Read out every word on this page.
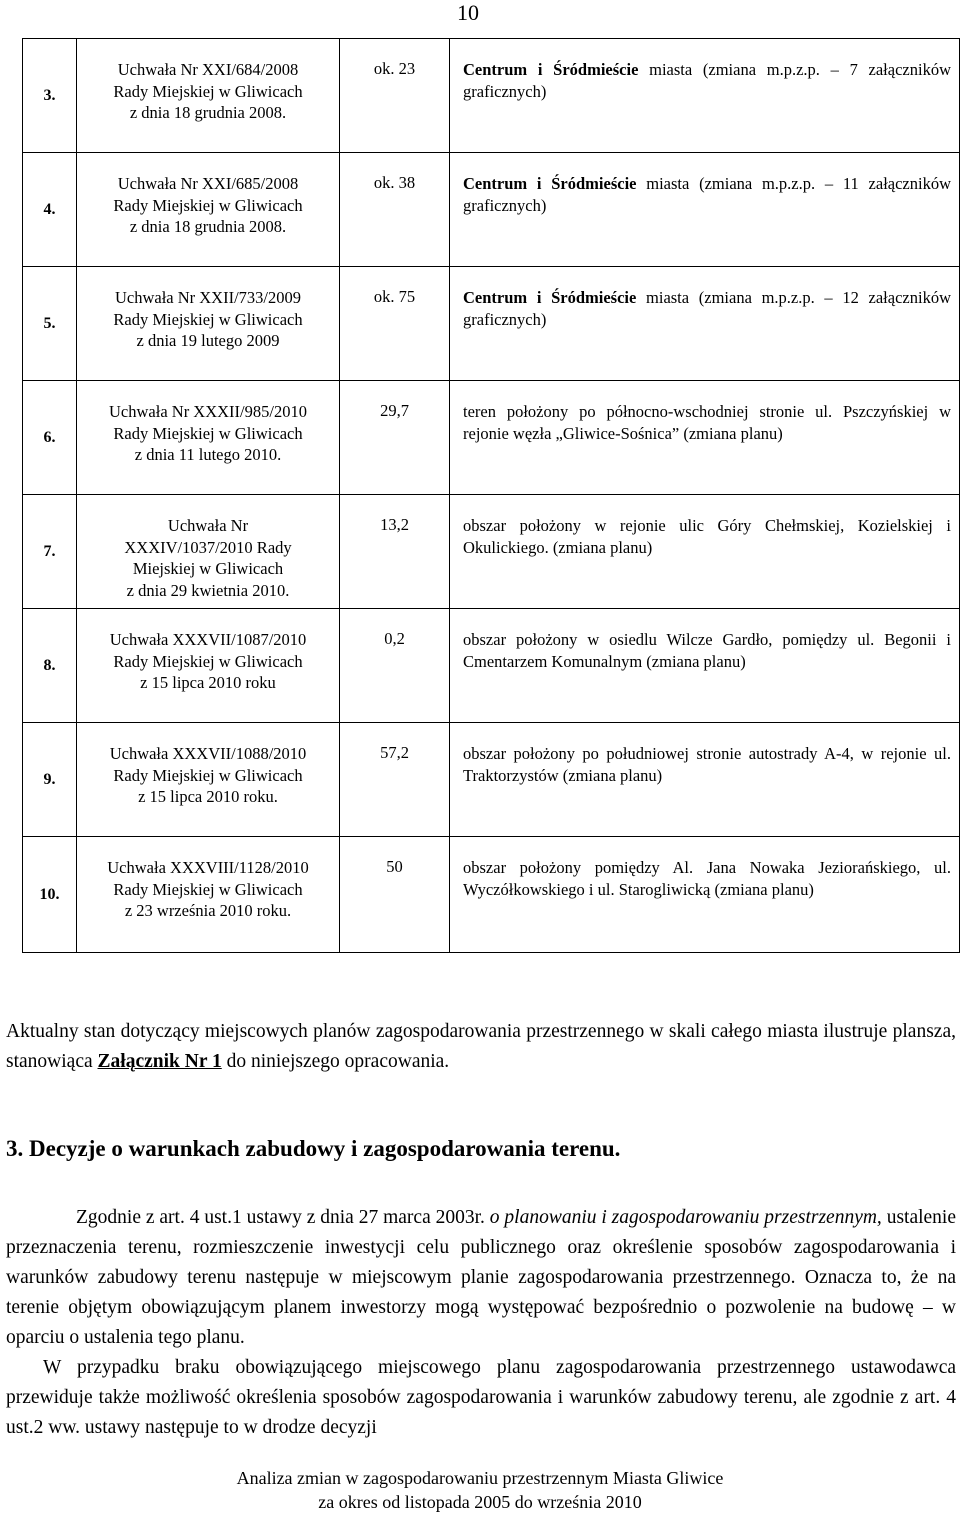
10
3.	Uchwała Nr XXI/684/2008
Rady Miejskiej w Gliwicach
z dnia 18 grudnia 2008.	ok. 23	Centrum i Śródmieście miasta (zmiana m.p.z.p. – 7 załączników graficznych)
4.	Uchwała Nr XXI/685/2008
Rady Miejskiej w Gliwicach
z dnia 18 grudnia 2008.	ok. 38	Centrum i Śródmieście miasta (zmiana m.p.z.p. – 11 załączników graficznych)
5.	Uchwała Nr XXII/733/2009
Rady Miejskiej w Gliwicach
z dnia 19 lutego 2009	ok. 75	Centrum i Śródmieście miasta (zmiana m.p.z.p. – 12 załączników graficznych)
6.	Uchwała Nr XXXII/985/2010
Rady Miejskiej w Gliwicach
z dnia 11 lutego 2010.	29,7	teren położony po północno-wschodniej stronie ul. Pszczyńskiej w rejonie węzła „Gliwice-Sośnica” (zmiana planu)
7.	Uchwała Nr
XXXIV/1037/2010 Rady
Miejskiej w Gliwicach
z dnia 29 kwietnia 2010.	13,2	obszar położony w rejonie ulic Góry Chełmskiej, Kozielskiej i Okulickiego. (zmiana planu)
8.	Uchwała XXXVII/1087/2010
Rady Miejskiej w Gliwicach
z 15 lipca 2010 roku	0,2	obszar położony w osiedlu Wilcze Gardło, pomiędzy ul. Begonii i Cmentarzem Komunalnym (zmiana planu)
9.	Uchwała XXXVII/1088/2010
Rady Miejskiej w Gliwicach
z 15 lipca 2010 roku.	57,2	obszar położony po południowej stronie autostrady A-4, w rejonie ul. Traktorzystów (zmiana planu)
10.	Uchwała XXXVIII/1128/2010
Rady Miejskiej w Gliwicach
z 23 września 2010 roku.	50	obszar położony pomiędzy Al. Jana Nowaka Jeziorańskiego, ul. Wyczółkowskiego i ul. Starogliwicką (zmiana planu)

Aktualny stan dotyczący miejscowych planów zagospodarowania przestrzennego w skali całego miasta ilustruje plansza, stanowiąca Załącznik Nr 1 do niniejszego opracowania.

3. Decyzje o warunkach zabudowy i zagospodarowania terenu.

Zgodnie z art. 4 ust.1 ustawy z dnia 27 marca 2003r. o planowaniu i zagospodarowaniu przestrzennym, ustalenie przeznaczenia terenu, rozmieszczenie inwestycji celu publicznego oraz określenie sposobów zagospodarowania i warunków zabudowy terenu następuje w miejscowym planie zagospodarowania przestrzennego. Oznacza to, że na terenie objętym obowiązującym planem inwestorzy mogą występować bezpośrednio o pozwolenie na budowę – w oparciu o ustalenia tego planu.

W przypadku braku obowiązującego miejscowego planu zagospodarowania przestrzennego ustawodawca przewiduje także możliwość określenia sposobów zagospodarowania i warunków zabudowy terenu, ale zgodnie z art. 4 ust.2 ww. ustawy następuje to w drodze decyzji

Analiza zmian w zagospodarowaniu przestrzennym Miasta Gliwice
za okres od listopada 2005 do września 2010
